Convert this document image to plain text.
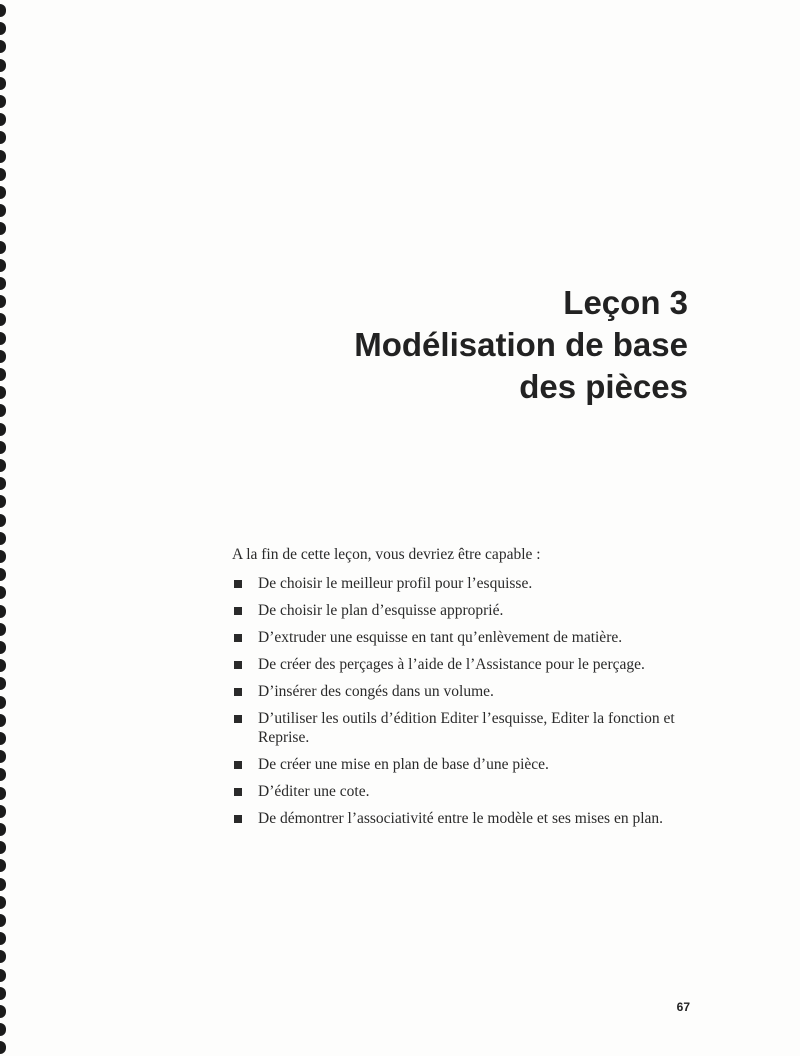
Leçon 3
Modélisation de base
des pièces
A la fin de cette leçon, vous devriez être capable :
De choisir le meilleur profil pour l’esquisse.
De choisir le plan d’esquisse approprié.
D’extruder une esquisse en tant qu’enlèvement de matière.
De créer des perçages à l’aide de l’Assistance pour le perçage.
D’insérer des congés dans un volume.
D’utiliser les outils d’édition Editer l’esquisse, Editer la fonction et Reprise.
De créer une mise en plan de base d’une pièce.
D’éditer une cote.
De démontrer l’associativité entre le modèle et ses mises en plan.
67
